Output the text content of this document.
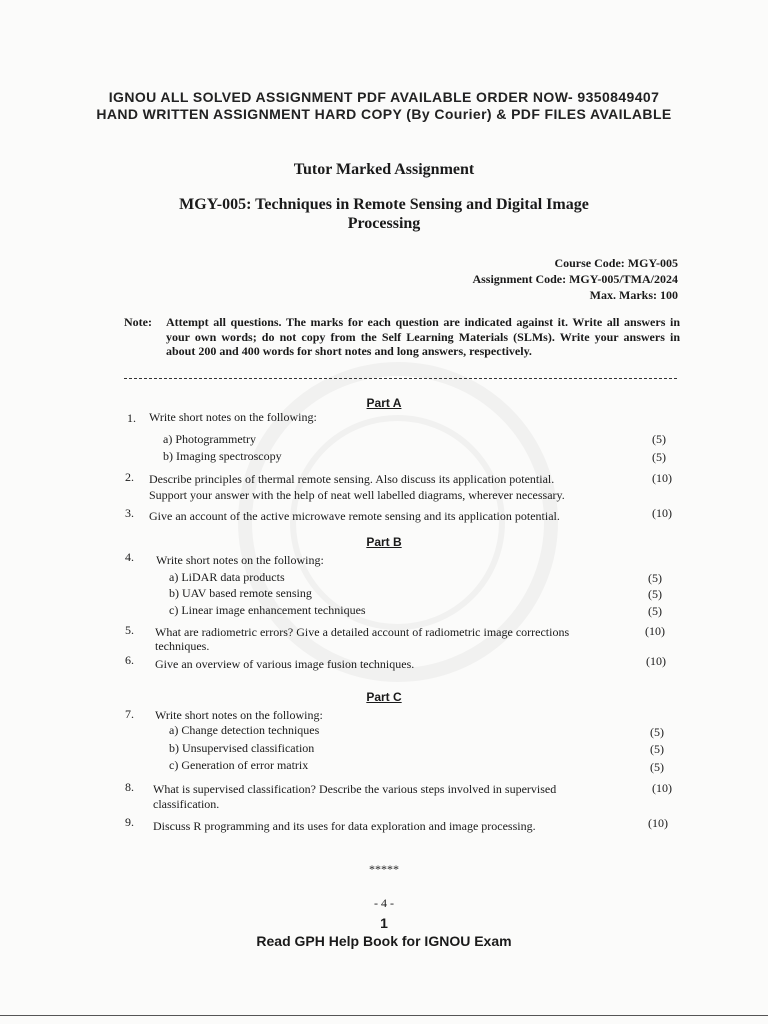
IGNOU ALL SOLVED ASSIGNMENT PDF AVAILABLE ORDER NOW- 9350849407
HAND WRITTEN ASSIGNMENT HARD COPY (By Courier) & PDF FILES AVAILABLE
Tutor Marked Assignment
MGY-005: Techniques in Remote Sensing and Digital Image
Processing
Course Code: MGY-005
Assignment Code: MGY-005/TMA/2024
Max. Marks: 100
Note: Attempt all questions. The marks for each question are indicated against it. Write all answers in your own words; do not copy from the Self Learning Materials (SLMs). Write your answers in about 200 and 400 words for short notes and long answers, respectively.
Part A
1. Write short notes on the following:
a) Photogrammetry	(5)
b) Imaging spectroscopy	(5)
2. Describe principles of thermal remote sensing. Also discuss its application potential.
Support your answer with the help of neat well labelled diagrams, wherever necessary.
(10)
3. Give an account of the active microwave remote sensing and its application potential.	(10)
Part B
4. Write short notes on the following:
a) LiDAR data products	(5)
b) UAV based remote sensing	(5)
c) Linear image enhancement techniques	(5)
5. What are radiometric errors? Give a detailed account of radiometric image corrections
techniques.
(10)
6. Give an overview of various image fusion techniques.	(10)
Part C
7. Write short notes on the following:
a) Change detection techniques	(5)
b) Unsupervised classification	(5)
c) Generation of error matrix	(5)
8. What is supervised classification? Describe the various steps involved in supervised
classification.
(10)
9. Discuss R programming and its uses for data exploration and image processing.	(10)
*****
- 4 -
1
Read GPH Help Book for IGNOU Exam
